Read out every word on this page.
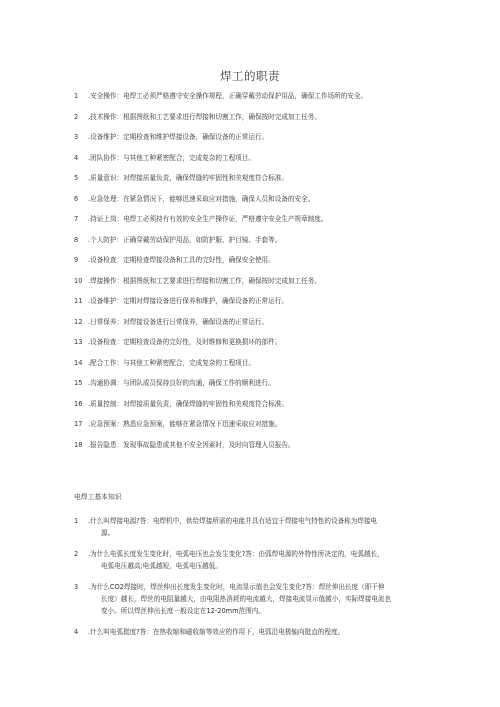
焊工的职责
1	.安全操作：电焊工必须严格遵守安全操作规程，正确穿戴劳动保护用品，确保工作场所的安全。
2	.技术操作：根据图纸和工艺要求进行焊接和切割工作，确保按时完成加工任务。
3	.设备维护：定期检查和维护焊接设备，确保设备的正常运行。
4	.团队协作：与其他工种紧密配合，完成复杂的工程项目。
5	.质量意识：对焊接质量负责，确保焊缝的牢固性和美观度符合标准。
6	.应急处理：在紧急情况下，能够迅速采取应对措施，确保人员和设备的安全。
7	.持证上岗：电焊工必须持有有效的安全生产操作证，严格遵守安全生产规章制度。
8	.个人防护：正确穿戴劳动保护用品，如防护服、护目镜、手套等。
9	.设备检查：定期检查焊接设备和工具的完好性，确保安全使用。
10 .焊接操作：根据图纸和工艺要求进行焊接和切割工作，确保按时完成加工任务。
11 .设备维护：定期对焊接设备进行保养和维护，确保设备的正常运行。
12 .日常保养：对焊接设备进行日常保养，确保设备的正常运行。
13 .设备检查：定期检查设备的完好性，及时维修和更换损坏的部件。
14 .配合工作：与其他工种紧密配合，完成复杂的工程项目。
15 .沟通协调：与团队成员保持良好的沟通，确保工作的顺利进行。
16 .质量控制：对焊接质量负责，确保焊缝的牢固性和美观度符合标准。
17 .应急预案：熟悉应急预案，能够在紧急情况下迅速采取应对措施。
18 .报告隐患：发现事故隐患或其他不安全因素时，及时向管理人员报告。
电焊工基本知识
1	.什么叫焊接电源?答：电焊机中，供给焊接所需的电能并具有适宜于焊接电气特性的设备称为焊接电
源。
2	.为什么电弧长度发生变化时，电弧电压也会发生变化?答：由弧焊电源的外特性所决定的，电弧越长，
电弧电压越高;电弧越短，电弧电压越低。
3	.为什么CO2焊接时，焊丝伸出长度发生变化时，电流显示值也会发生变化?答：焊丝伸出长度（即干伸
长度）越长，焊丝的电阻量越大，由电阻热消耗的电流越大，焊接电流显示值越小，实际焊接电流也
变小。所以焊丝伸出长度一般设定在12-20mm范围内。
4	.什么叫电弧挺度?答：在热收缩和磁收缩等效应的作用下，电弧沿电极轴向挺直的程度。
